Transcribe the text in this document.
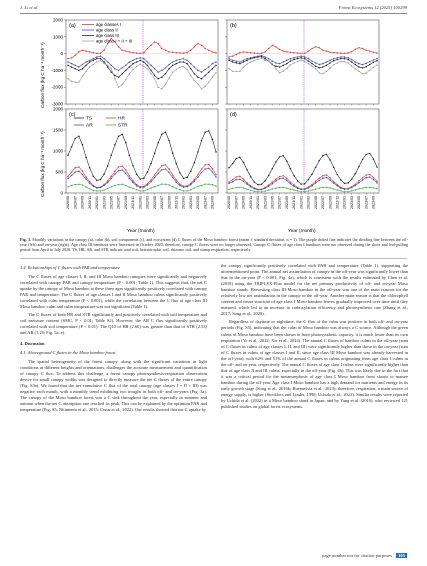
J. Li et al.	Forest Ecosystems 12 (2025) 100299
2000
1000
0
-1000
-2000
-3000
2000
1500
1000
500
0
2020/05 2020/07 2020/09 2020/11 2021/01 2021/03 2021/05 2021/07 2021/09 2021/11 2022/01 2022/03 2022/05 2022/07 2022/09 2022/11 2023/01 2023/03 2023/05 2023/07 2023/09	2020/05 2020/07 2020/09 2020/11 2021/01 2021/03 2021/05 2021/07 2021/09 2021/11 2022/01 2022/03 2022/05 2022/07 2022/09 2022/11 2023/01 2023/03 2023/05 2023/07 2023/09
(a)	(b)
(c)	(d)
age classes I
age class II
age class III
age class I + II + III
TS	HR
AR	STR
Carbon flux (kg C ha⁻¹ month⁻¹)
Carbon flux (kg C ha⁻¹ month⁻¹)
Year (month)	Year (month)
Fig. 3. Monthly variations in the canopy (a), culm (b), soil components (c), and ecosystem (d) C fluxes of the Moso bamboo forest (mean ± standard deviation, n = 3). The purple dotted line indicates the dividing line between the off-year (left) and on-year (right). Age class III bamboos were harvested in October 2020; therefore, canopy C fluxes were no longer observed. Canopy C fluxes of age class I bamboos were not observed during the shoot and leaf-pulling period from April to July 2020. TS, HR, AR, and STR indicate total soil, heterotrophic soil, rhizome soil, and stump respiration, respectively.

3.4. Relationships of C fluxes with PAR and temperature

The C fluxes of age classes I, II, and III Moso bamboo canopies were significantly and negatively correlated with canopy PAR and canopy temperature (P < 0.001; Table 1). This suggests that, the net C uptake by the canopy of Moso bamboo at these three ages significantly positively correlated with canopy PAR and temperature. The C fluxes of age classes I and II Moso bamboo culms significantly positively correlated with culm temperature (P < 0.001), while the correlation between the C flux of age class III Moso bamboo culm and culm temperature was not significant (Table 1).

The C fluxes of both HR and STR significantly and positively correlated with soil temperature and soil moisture content (SMC, P < 0.01; Table S2). However, the AR C flux significantly positively correlated with soil temperature (P < 0.01). The Q10 of HR (2.60) was greater than that of STR (2.53) and AR (1.28; Fig. 5a–e).

4. Discussion

4.1. Aboveground C fluxes in the Moso bamboo forest

The spatial heterogeneity of the forest canopy, along with the significant variations in light conditions at different heights and orientations, challenges the accurate measurement and quantification of canopy C flux. To address this challenge, a forest canopy photosynthesis-respiration observation device for small canopy widths was designed to directly measure the net C fluxes of the entire canopy (Fig. S3a). We found that the net cumulative C flux of the total canopy (age classes I + II + III) was negative each month, with a monthly trend exhibiting two troughs in both off- and on-years (Fig. 3a). The canopy of the Moso bamboo forest was a C sink throughout the year, especially in summer and autumn when the net C absorption rate reached its peak. This can be explained by the optimum PAR and temperature (Fig. S5; Nitimento et al., 2015; Cezar et al., 2022). Our results showed that net C uptake by

the canopy significantly positively correlated with PAR and temperature (Table 1), supporting the aforementioned point. The annual net assimilation of canopy in the off-year was significantly lower than that in the on-year (P < 0.001; Fig. 4a), which is consistent with the results estimated by Chen et al. (2018) using the TRIPLEX-Flux model for the net primary productivity of off- and on-year Moso bamboo stands. Harvesting class III Moso bamboo in the off-year was one of the main reasons for the relatively low net assimilation in the canopy in the off-year. Another main reason is that the chlorophyll content and tissue structure of age class I Moso bamboo leaves gradually improved over time until they matured, which led to an increase in carboxylation efficiency and photosynthesis rate (Zhang et al., 2017; Song et al., 2020).

Regardless of daytime or nighttime, the C flux of the culm was positive in both off- and on-year periods (Fig. S5), indicating that the culm of Moso bamboo was always a C source. Although the green culms of Moso bamboo have been shown to have photosynthetic capacity, it is much lower than its own respiration (Ye et al., 2022; Xie et al., 2024). The annual C fluxes of bamboo culms in the off-year (sum of C fluxes in culms of age classes I, II, and III) were significantly higher than those in the on-year (sum of C fluxes in culms of age classes I and II, since age class III Moso bamboo was already harvested in the off-year), with 62% and 51% of the annual C fluxes in culms originating from age class I culms in the off- and on-year, respectively. The annual C fluxes of age class I culms were significantly higher than that of age class II and III culms, especially in the off-year (Fig. 4b). This was likely due to the fact that it was a critical period for the metamorphosis of age class I Moso bamboo from shoots to mature bamboo during the off-year. Age class I Moso bamboo has a high demand for nutrients and energy in its early growth stage (Song et al., 2016b; Buenavista et al., 2023); therefore, respiration, a main source of energy supply, is higher (Stockfors and Linder, 1998; Uchida et al., 2022). Similar results were reported by Uchida et al. (2022) in a Moso bamboo stand in Japan, and by Yang et al. (2016), who reviewed 121 published studies on global forest ecosystems.

page number not for citation purposes 105
